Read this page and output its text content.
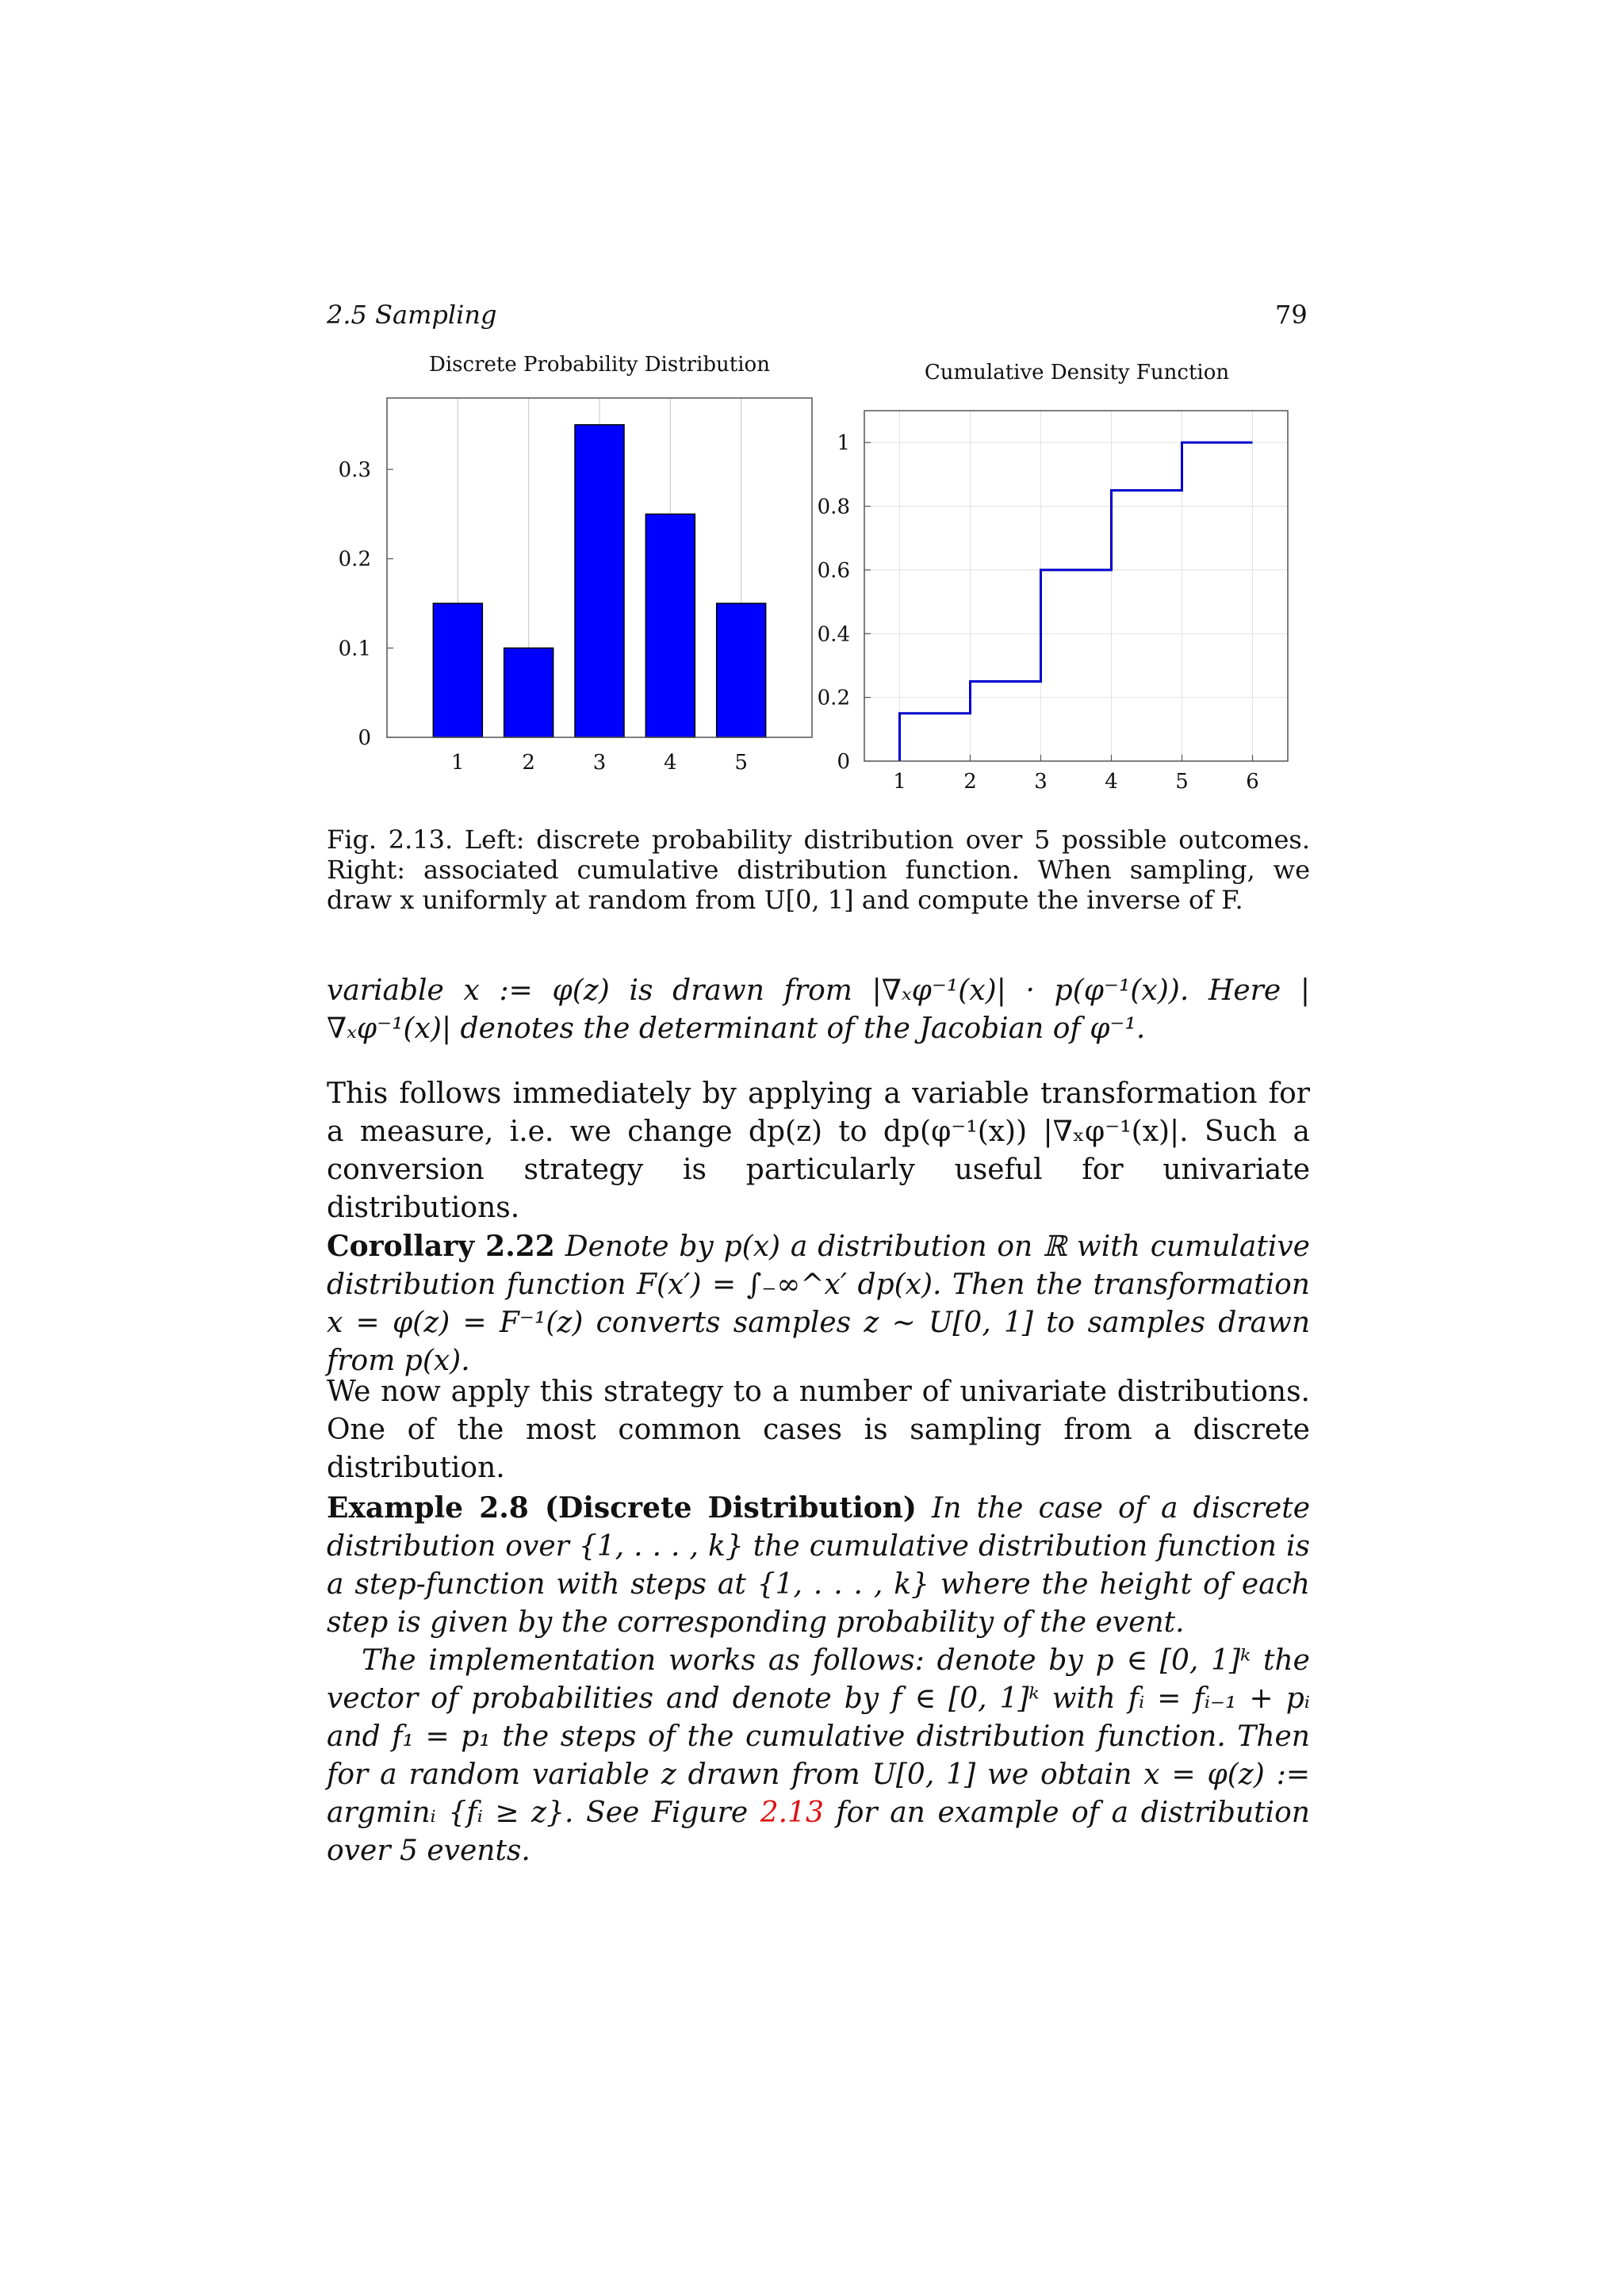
2.5 Sampling	79
Discrete Probability Distribution
0
0.1
0.2
0.3
1	2	3	4	5
Cumulative Density Function
0
0.2
0.4
0.6
0.8
1
1	2	3	4	5	6
Fig. 2.13. Left: discrete probability distribution over 5 possible outcomes. Right: associated cumulative distribution function. When sampling, we draw x uniformly at random from U[0, 1] and compute the inverse of F.
variable x := φ(z) is drawn from |∇ₓφ⁻¹(x)| · p(φ⁻¹(x)). Here |∇ₓφ⁻¹(x)| denotes the determinant of the Jacobian of φ⁻¹.
This follows immediately by applying a variable transformation for a measure, i.e. we change dp(z) to dp(φ⁻¹(x)) |∇ₓφ⁻¹(x)|. Such a conversion strategy is particularly useful for univariate distributions.
Corollary 2.22 Denote by p(x) a distribution on ℝ with cumulative distribution function F(x′) = ∫₋∞^x′ dp(x). Then the transformation x = φ(z) = F⁻¹(z) converts samples z ∼ U[0, 1] to samples drawn from p(x).
We now apply this strategy to a number of univariate distributions. One of the most common cases is sampling from a discrete distribution.
Example 2.8 (Discrete Distribution) In the case of a discrete distribution over {1, . . . , k} the cumulative distribution function is a step-function with steps at {1, . . . , k} where the height of each step is given by the corresponding probability of the event.
The implementation works as follows: denote by p ∈ [0, 1]ᵏ the vector of probabilities and denote by f ∈ [0, 1]ᵏ with fᵢ = fᵢ₋₁ + pᵢ and f₁ = p₁ the steps of the cumulative distribution function. Then for a random variable z drawn from U[0, 1] we obtain x = φ(z) := argminᵢ {fᵢ ≥ z}. See Figure 2.13 for an example of a distribution over 5 events.
